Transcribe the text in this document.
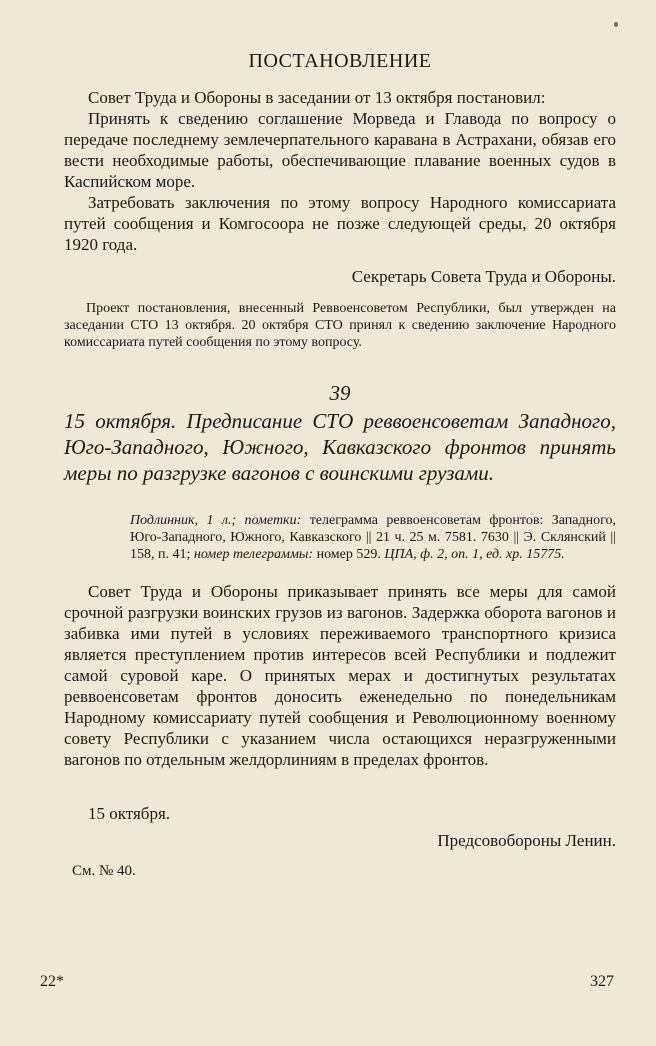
ПОСТАНОВЛЕНИЕ

Совет Труда и Обороны в заседании от 13 октября постановил:

Принять к сведению соглашение Морведа и Главода по вопросу о передаче последнему землечерпательного каравана в Астрахани, обязав его вести необходимые работы, обеспечивающие плавание военных судов в Каспийском море.

Затребовать заключения по этому вопросу Народного комиссариата путей сообщения и Комгосоора не позже следующей среды, 20 октября 1920 года.

Секретарь Совета Труда и Обороны.

Проект постановления, внесенный Реввоенсоветом Республики, был утвержден на заседании СТО 13 октября. 20 октября СТО принял к сведению заключение Народного комиссариата путей сообщения по этому вопросу.

39
15 октября. Предписание СТО реввоенсоветам Западного, Юго-Западного, Южного, Кавказского фронтов принять меры по разгрузке вагонов с воинскими грузами.
Подлинник, 1 л.; пометки: телеграмма реввоенсоветам фронтов: Западного, Юго-Западного, Южного, Кавказского || 21 ч. 25 м. 7581. 7630 || Э. Склянский || 158, п. 41; номер телеграммы: номер 529. ЦПА, ф. 2, оп. 1, ед. хр. 15775.

Совет Труда и Обороны приказывает принять все меры для самой срочной разгрузки воинских грузов из вагонов. Задержка оборота вагонов и забивка ими путей в условиях переживаемого транспортного кризиса является преступлением против интересов всей Республики и подлежит самой суровой каре. О принятых мерах и достигнутых результатах реввоенсоветам фронтов доносить еженедельно по понедельникам Народному комиссариату путей сообщения и Революционному военному совету Республики с указанием числа остающихся неразгруженными вагонов по отдельным желдорлиниям в пределах фронтов.

15 октября.
Предсовобороны Ленин.
См. № 40.
22*	327
